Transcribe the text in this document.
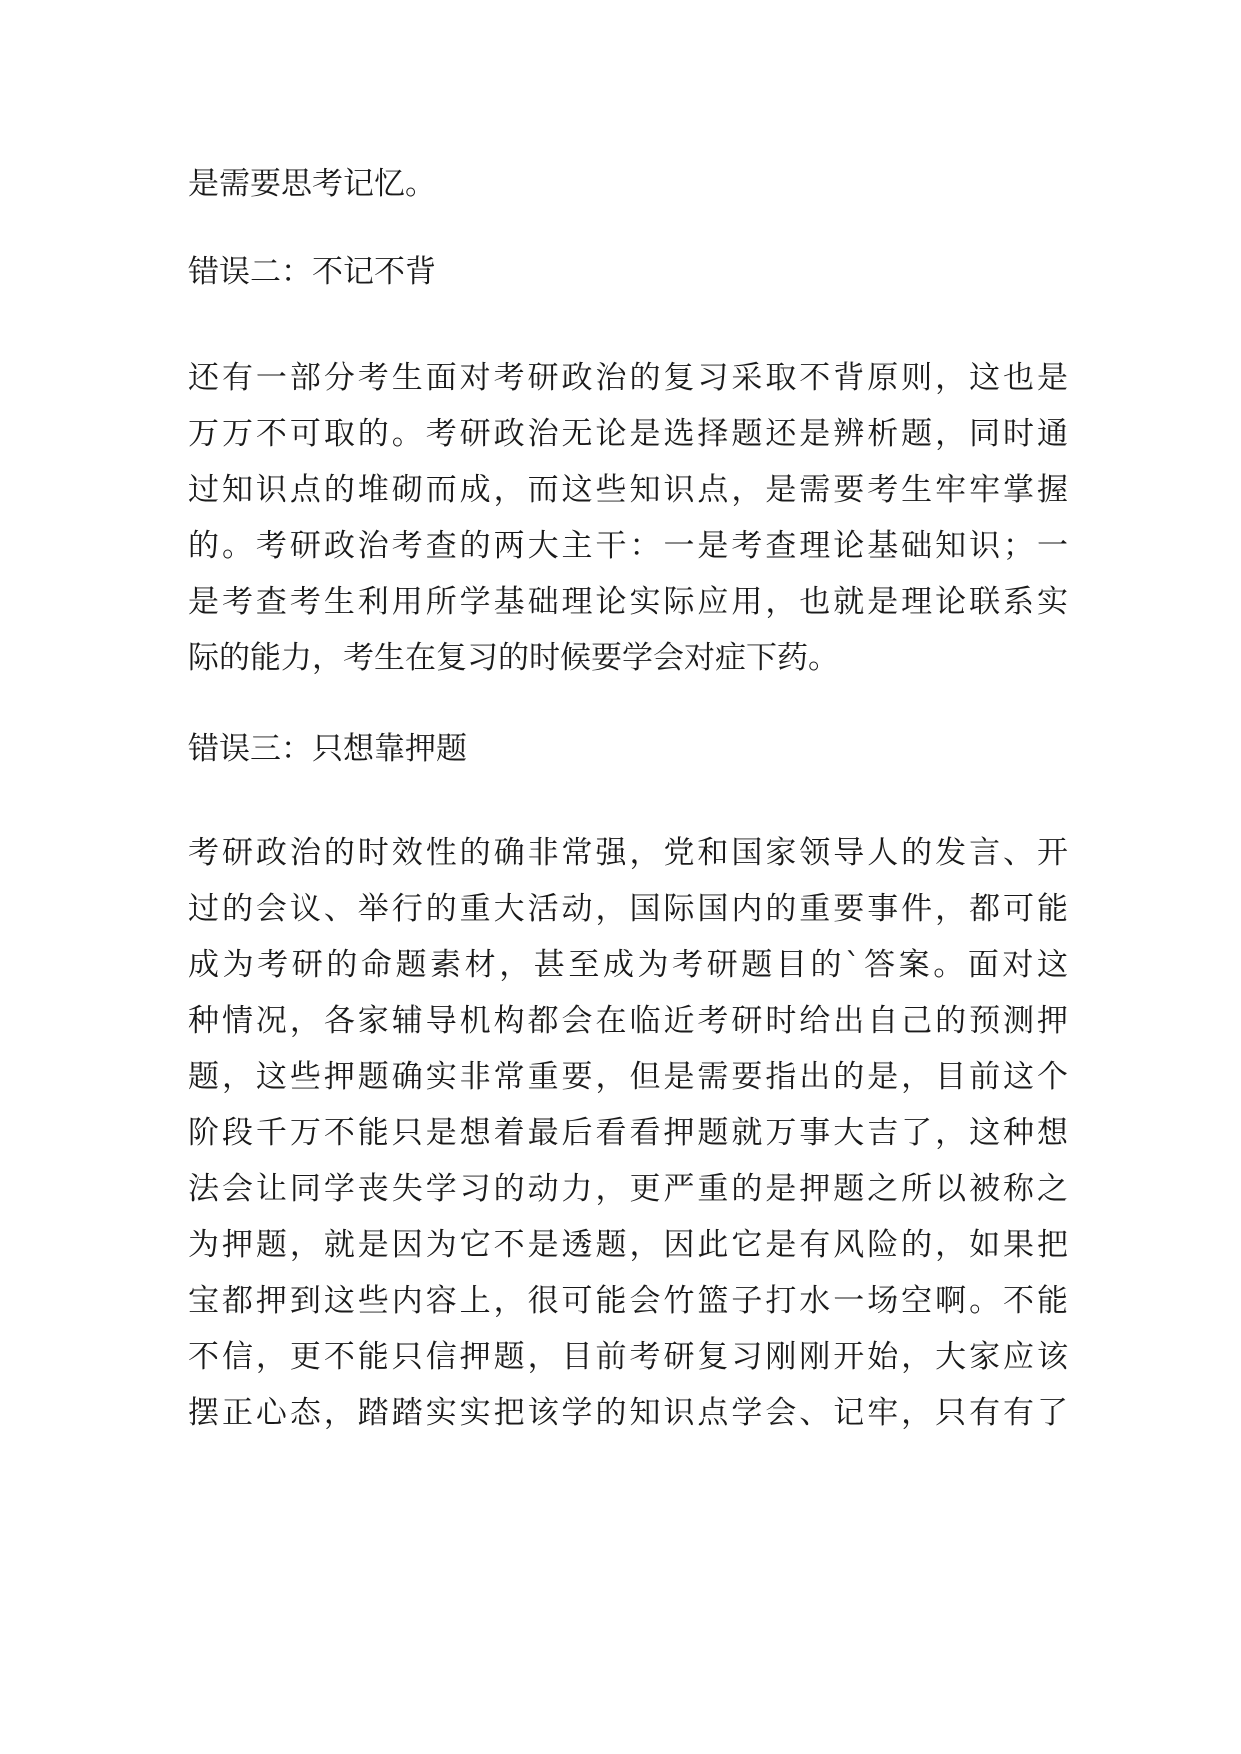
是需要思考记忆。
错误二：不记不背
还有一部分考生面对考研政治的复习采取不背原则，这也是
万万不可取的。考研政治无论是选择题还是辨析题，同时通
过知识点的堆砌而成，而这些知识点，是需要考生牢牢掌握
的。考研政治考查的两大主干：一是考查理论基础知识；一
是考查考生利用所学基础理论实际应用，也就是理论联系实
际的能力，考生在复习的时候要学会对症下药。
错误三：只想靠押题
考研政治的时效性的确非常强，党和国家领导人的发言、开
过的会议、举行的重大活动，国际国内的重要事件，都可能
成为考研的命题素材，甚至成为考研题目的`答案。面对这
种情况，各家辅导机构都会在临近考研时给出自己的预测押
题，这些押题确实非常重要，但是需要指出的是，目前这个
阶段千万不能只是想着最后看看押题就万事大吉了，这种想
法会让同学丧失学习的动力，更严重的是押题之所以被称之
为押题，就是因为它不是透题，因此它是有风险的，如果把
宝都押到这些内容上，很可能会竹篮子打水一场空啊。不能
不信，更不能只信押题，目前考研复习刚刚开始，大家应该
摆正心态，踏踏实实把该学的知识点学会、记牢，只有有了
